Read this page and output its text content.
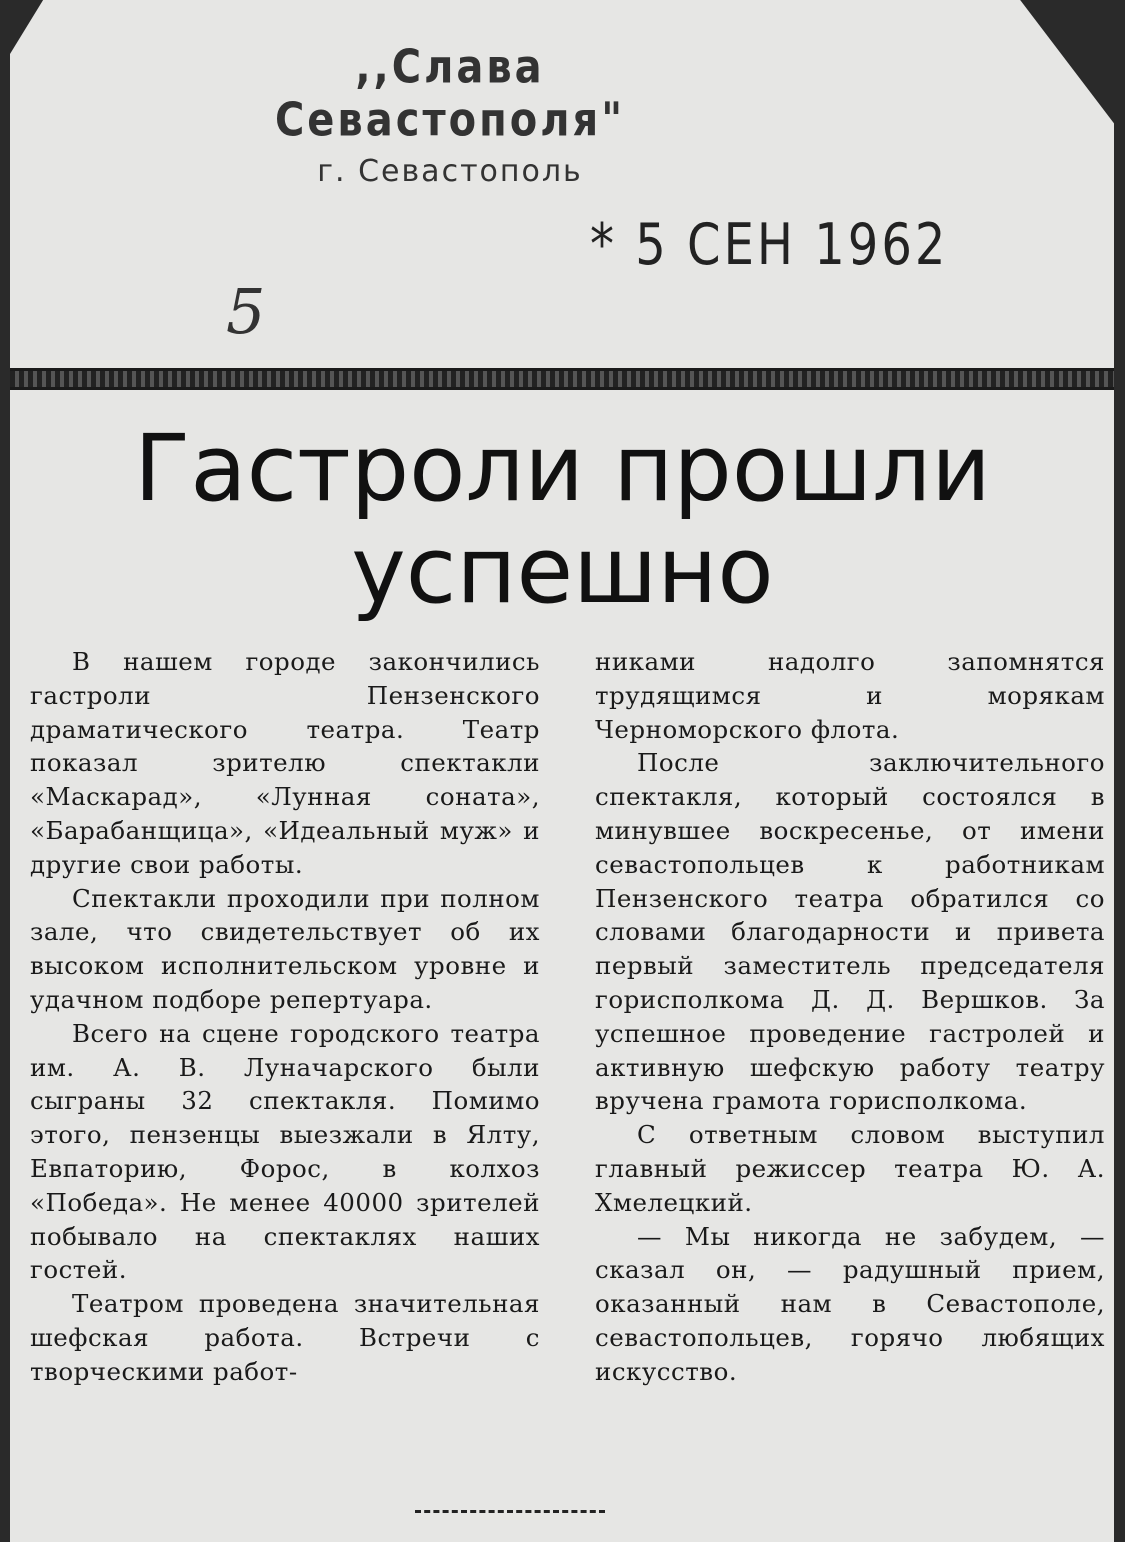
,,Слава Севастополя"
г. Севастополь
5
* 5 СЕН 1962
Гастроли прошли
успешно

В нашем городе закончились гастроли Пензенского драматического театра. Театр показал зрителю спектакли «Маскарад», «Лунная соната», «Барабанщица», «Идеальный муж» и другие свои работы.

Спектакли проходили при полном зале, что свидетельствует об их высоком исполнительском уровне и удачном подборе репертуара.

Всего на сцене городского театра им. А. В. Луначарского были сыграны 32 спектакля. Помимо этого, пензенцы выезжали в Ялту, Евпаторию, Форос, в колхоз «Победа». Не менее 40000 зрителей побывало на спектаклях наших гостей.

Театром проведена значительная шефская работа. Встречи с творческими работ-

никами надолго запомнятся трудящимся и морякам Черноморского флота.

После заключительного спектакля, который состоялся в минувшее воскресенье, от имени севастопольцев к работникам Пензенского театра обратился со словами благодарности и привета первый заместитель председателя горисполкома Д. Д. Вершков. За успешное проведение гастролей и активную шефскую работу театру вручена грамота горисполкома.

С ответным словом выступил главный режиссер театра Ю. А. Хмелецкий.

— Мы никогда не забудем, — сказал он, — радушный прием, оказанный нам в Севастополе, севастопольцев, горячо любящих искусство.
